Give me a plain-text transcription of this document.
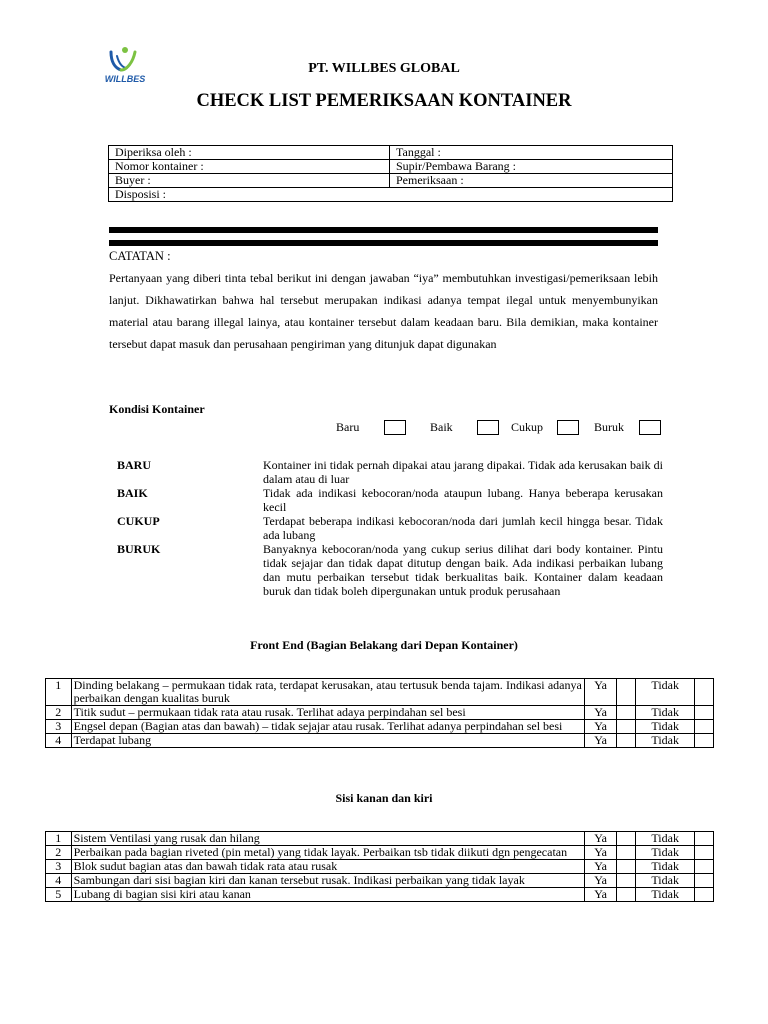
WILLBES
PT. WILLBES GLOBAL
CHECK LIST PEMERIKSAAN KONTAINER
Diperiksa oleh :	Tanggal :
Nomor kontainer :	Supir/Pembawa Barang :
Buyer :	Pemeriksaan :
Disposisi :	
CATATAN :
Pertanyaan yang diberi tinta tebal berikut ini dengan jawaban “iya” membutuhkan investigasi/pemeriksaan lebih lanjut. Dikhawatirkan bahwa hal tersebut merupakan indikasi adanya tempat ilegal untuk menyembunyikan material atau barang illegal lainya, atau kontainer tersebut dalam keadaan baru. Bila demikian, maka kontainer tersebut dapat masuk dan perusahaan pengiriman yang ditunjuk dapat digunakan
Kondisi Kontainer
Baru	Baik	Cukup	Buruk
BARU	Kontainer ini tidak pernah dipakai atau jarang dipakai. Tidak ada kerusakan baik di dalam atau di luar
BAIK	Tidak ada indikasi kebocoran/noda ataupun lubang. Hanya beberapa kerusakan kecil
CUKUP	Terdapat beberapa indikasi kebocoran/noda dari jumlah kecil hingga besar. Tidak ada lubang
BURUK	Banyaknya kebocoran/noda yang cukup serius dilihat dari body kontainer. Pintu tidak sejajar dan tidak dapat ditutup dengan baik. Ada indikasi perbaikan lubang dan mutu perbaikan tersebut tidak berkualitas baik. Kontainer dalam keadaan buruk dan tidak boleh dipergunakan untuk produk perusahaan
Front End (Bagian Belakang dari Depan Kontainer)
1	Dinding belakang – permukaan tidak rata, terdapat kerusakan, atau tertusuk benda tajam. Indikasi adanya perbaikan dengan kualitas buruk	Ya		Tidak	
2	Titik sudut – permukaan tidak rata atau rusak. Terlihat adaya perpindahan sel besi	Ya		Tidak	
3	Engsel depan (Bagian atas dan bawah) – tidak sejajar atau rusak. Terlihat adanya perpindahan sel besi	Ya		Tidak	
4	Terdapat lubang	Ya		Tidak	
Sisi kanan dan kiri
1	Sistem Ventilasi yang rusak dan hilang	Ya		Tidak	
2	Perbaikan pada bagian riveted (pin metal) yang tidak layak. Perbaikan tsb tidak diikuti dgn pengecatan	Ya		Tidak	
3	Blok sudut bagian atas dan bawah tidak rata atau rusak	Ya		Tidak	
4	Sambungan dari sisi bagian kiri dan kanan tersebut rusak. Indikasi perbaikan yang tidak layak	Ya		Tidak	
5	Lubang di bagian sisi kiri atau kanan	Ya		Tidak	
